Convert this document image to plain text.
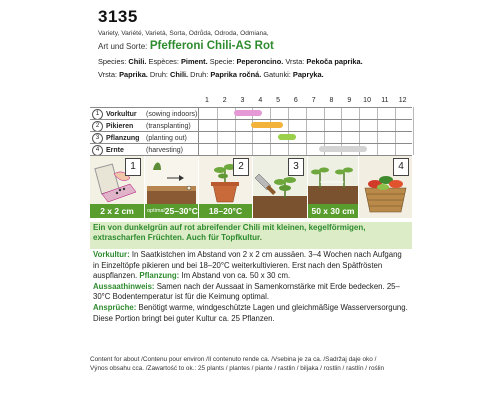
3135
Variety, Variété, Varietà, Sorta, Odrůda, Odroda, Odmiana,
Art und Sorte: Pfefferoni Chili-AS Rot
Species: Chili. Espèces: Piment. Specie: Peperoncino. Vrsta: Pekoča paprika.
Vrsta: Paprika. Druh: Chili. Druh: Paprika ročná. Gatunki: Papryka.
1	2	3	4	5	6	7	8	9	10	11	12
1 Vorkultur	(sowing indoors)
2 Pikieren	(transplanting)
3 Pflanzung (planting out)
4 Ernte	(harvesting)
1
2 x 2 cm	optimal 25–30°C
2
18–20°C
3
50 x 30 cm
4

Ein von dunkelgrün auf rot abreifender Chili mit kleinen, kegelförmigen, extrascharfen Früchten. Auch für Topfkultur.

Vorkultur: In Saatkistchen im Abstand von 2 x 2 cm aussäen. 3–4 Wochen nach Aufgang in Einzeltöpfe pikieren und bei 18–20°C weiterkultivieren. Erst nach den Spätfrösten auspflanzen. Pflanzung: Im Abstand von ca. 50 x 30 cm.

Aussaathinweis: Samen nach der Aussaat in Samenkornstärke mit Erde bedecken. 25–30°C Bodentemperatur ist für die Keimung optimal.

Ansprüche: Benötigt warme, windgeschützte Lagen und gleichmäßige Wasserversorgung. Diese Portion bringt bei guter Kultur ca. 25 Pflanzen.

Content for about /Contenu pour environ /Il contenuto rende ca. /Vsebina je za ca. /Sadržaj daje oko /
Výnos obsahu cca. /Zawartość to ok.: 25 plants / plantes / piante / rastlin / biljaka / rostlin / rastlín / roślin
